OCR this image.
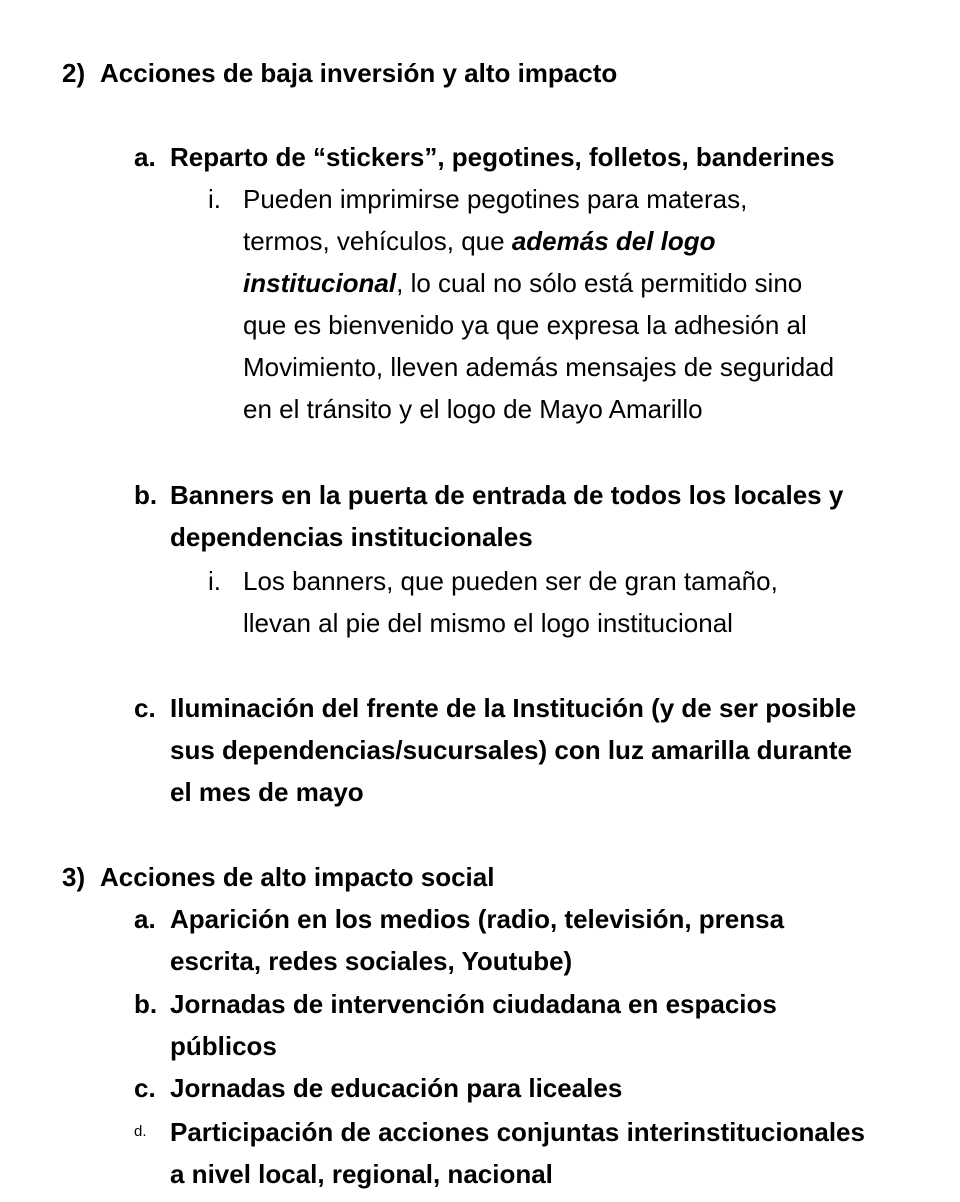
2) Acciones de baja inversión y alto impacto
a. Reparto de “stickers”, pegotines, folletos, banderines
i. Pueden imprimirse pegotines para materas,
termos, vehículos, que además del logo
institucional, lo cual no sólo está permitido sino
que es bienvenido ya que expresa la adhesión al
Movimiento, lleven además mensajes de seguridad
en el tránsito y el logo de Mayo Amarillo
b. Banners en la puerta de entrada de todos los locales y
dependencias institucionales
i. Los banners, que pueden ser de gran tamaño,
llevan al pie del mismo el logo institucional
c. Iluminación del frente de la Institución (y de ser posible
sus dependencias/sucursales) con luz amarilla durante
el mes de mayo
3) Acciones de alto impacto social
a. Aparición en los medios (radio, televisión, prensa
escrita, redes sociales, Youtube)
b. Jornadas de intervención ciudadana en espacios
públicos
c. Jornadas de educación para liceales
d. Participación de acciones conjuntas interinstitucionales
a nivel local, regional, nacional
